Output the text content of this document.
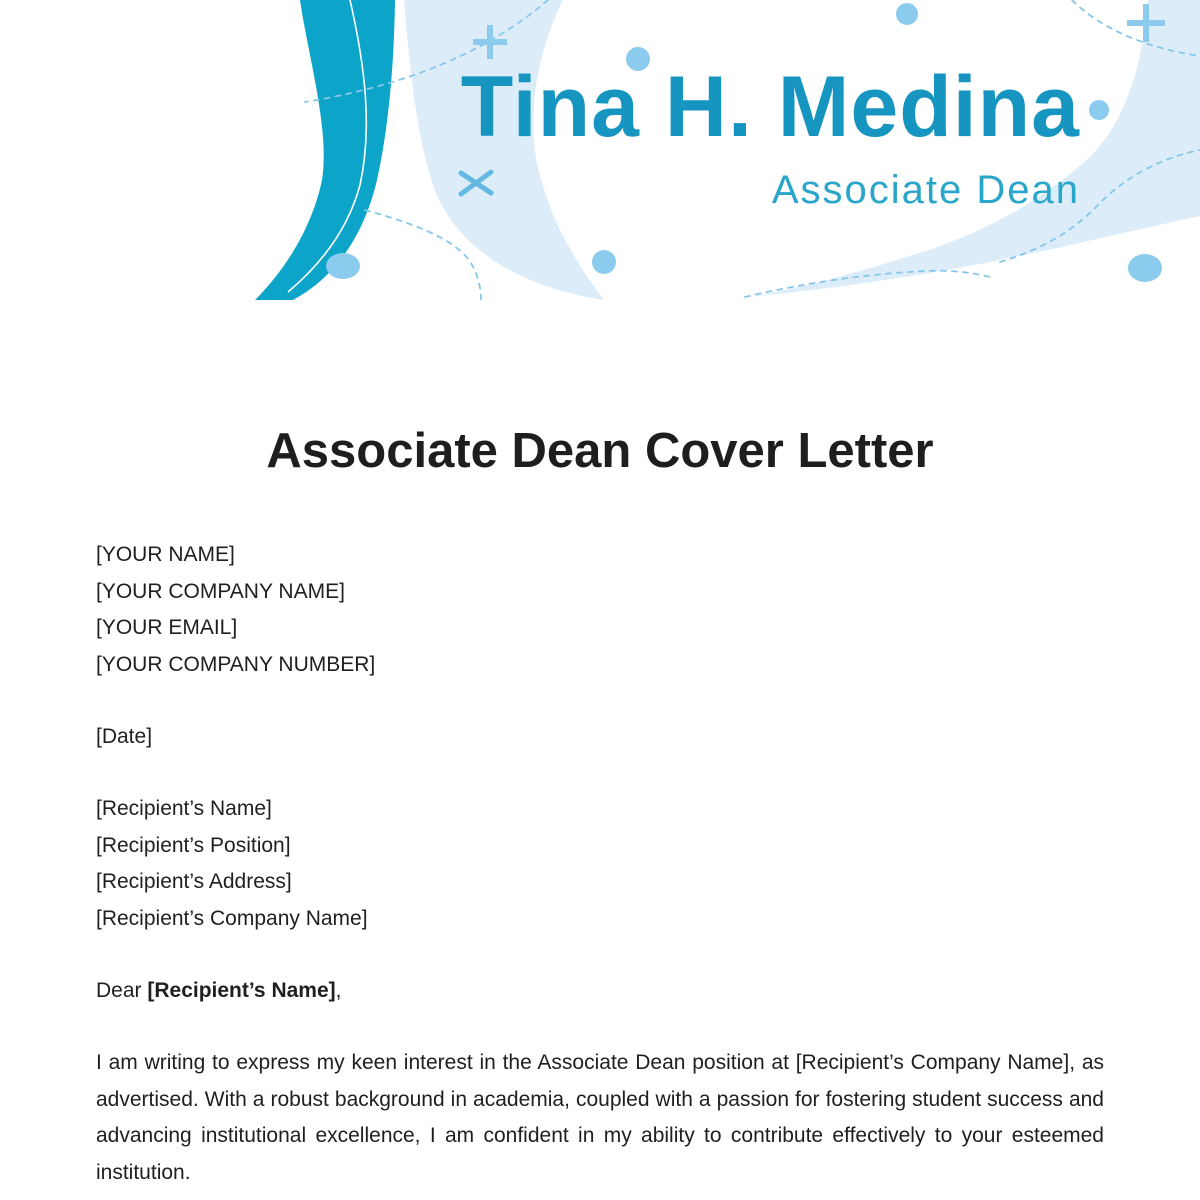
Tina H. Medina
Associate Dean
Associate Dean Cover Letter
[YOUR NAME]
[YOUR COMPANY NAME]
[YOUR EMAIL]
[YOUR COMPANY NUMBER]
[Date]
[Recipient’s Name]
[Recipient’s Position]
[Recipient’s Address]
[Recipient’s Company Name]

Dear [Recipient’s Name],

I am writing to express my keen interest in the Associate Dean position at [Recipient’s Company Name], as advertised. With a robust background in academia, coupled with a passion for fostering student success and advancing institutional excellence, I am confident in my ability to contribute effectively to your esteemed institution.
